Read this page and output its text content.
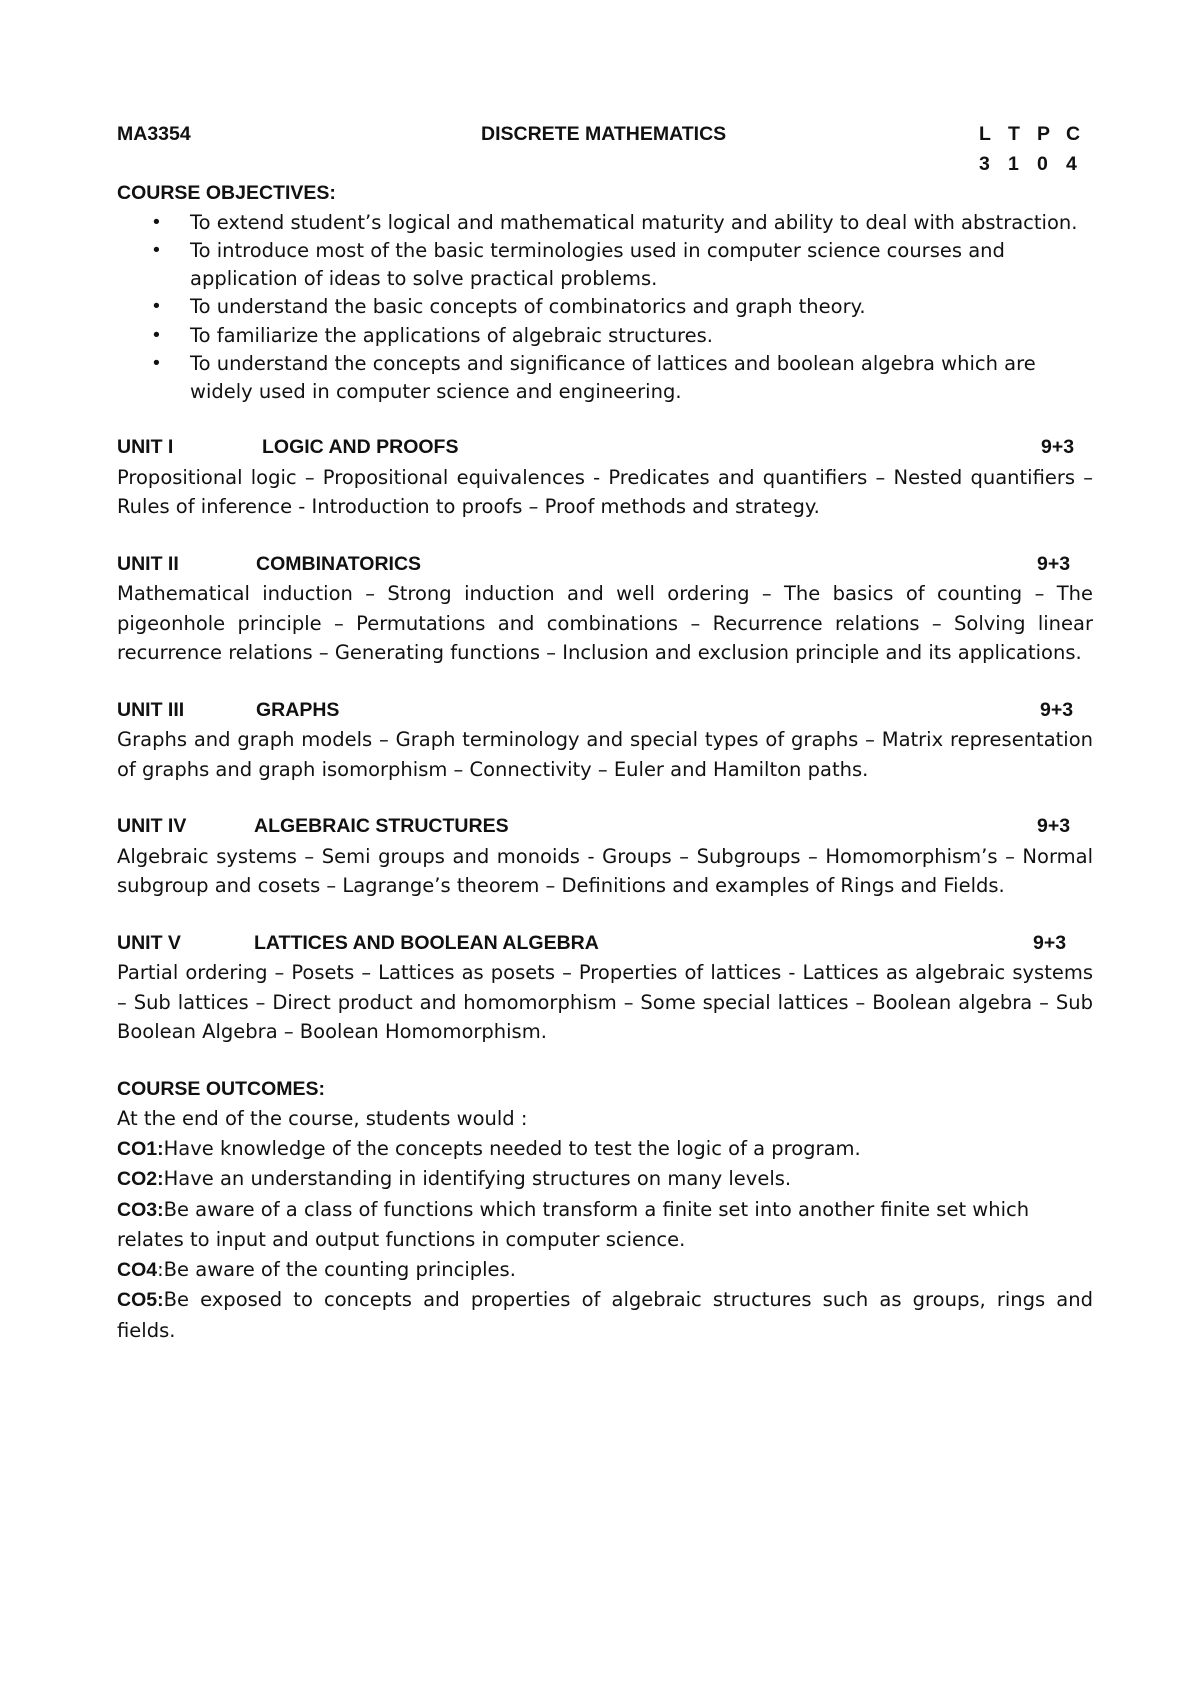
MA3354	DISCRETE MATHEMATICS	L T P C
3 1 0 4
COURSE OBJECTIVES:
• To extend student’s logical and mathematical maturity and ability to deal with abstraction.
• To introduce most of the basic terminologies used in computer science courses and application of ideas to solve practical problems.
• To understand the basic concepts of combinatorics and graph theory.
• To familiarize the applications of algebraic structures.
• To understand the concepts and significance of lattices and boolean algebra which are widely used in computer science and engineering.
UNIT I	LOGIC AND PROOFS	9+3
Propositional logic – Propositional equivalences - Predicates and quantifiers – Nested quantifiers – Rules of inference - Introduction to proofs – Proof methods and strategy.
UNIT II	COMBINATORICS	9+3
Mathematical induction – Strong induction and well ordering – The basics of counting – The pigeonhole principle – Permutations and combinations – Recurrence relations – Solving linear recurrence relations – Generating functions – Inclusion and exclusion principle and its applications.
UNIT III	GRAPHS	9+3
Graphs and graph models – Graph terminology and special types of graphs – Matrix representation of graphs and graph isomorphism – Connectivity – Euler and Hamilton paths.
UNIT IV	ALGEBRAIC STRUCTURES	9+3
Algebraic systems – Semi groups and monoids - Groups – Subgroups – Homomorphism’s – Normal subgroup and cosets – Lagrange’s theorem – Definitions and examples of Rings and Fields.
UNIT V	LATTICES AND BOOLEAN ALGEBRA	9+3
Partial ordering – Posets – Lattices as posets – Properties of lattices - Lattices as algebraic systems – Sub lattices – Direct product and homomorphism – Some special lattices – Boolean algebra – Sub Boolean Algebra – Boolean Homomorphism.
COURSE OUTCOMES:
At the end of the course, students would :
CO1:Have knowledge of the concepts needed to test the logic of a program.
CO2:Have an understanding in identifying structures on many levels.
CO3:Be aware of a class of functions which transform a finite set into another finite set which relates to input and output functions in computer science.
CO4:Be aware of the counting principles.
CO5:Be exposed to concepts and properties of algebraic structures such as groups, rings and fields.
